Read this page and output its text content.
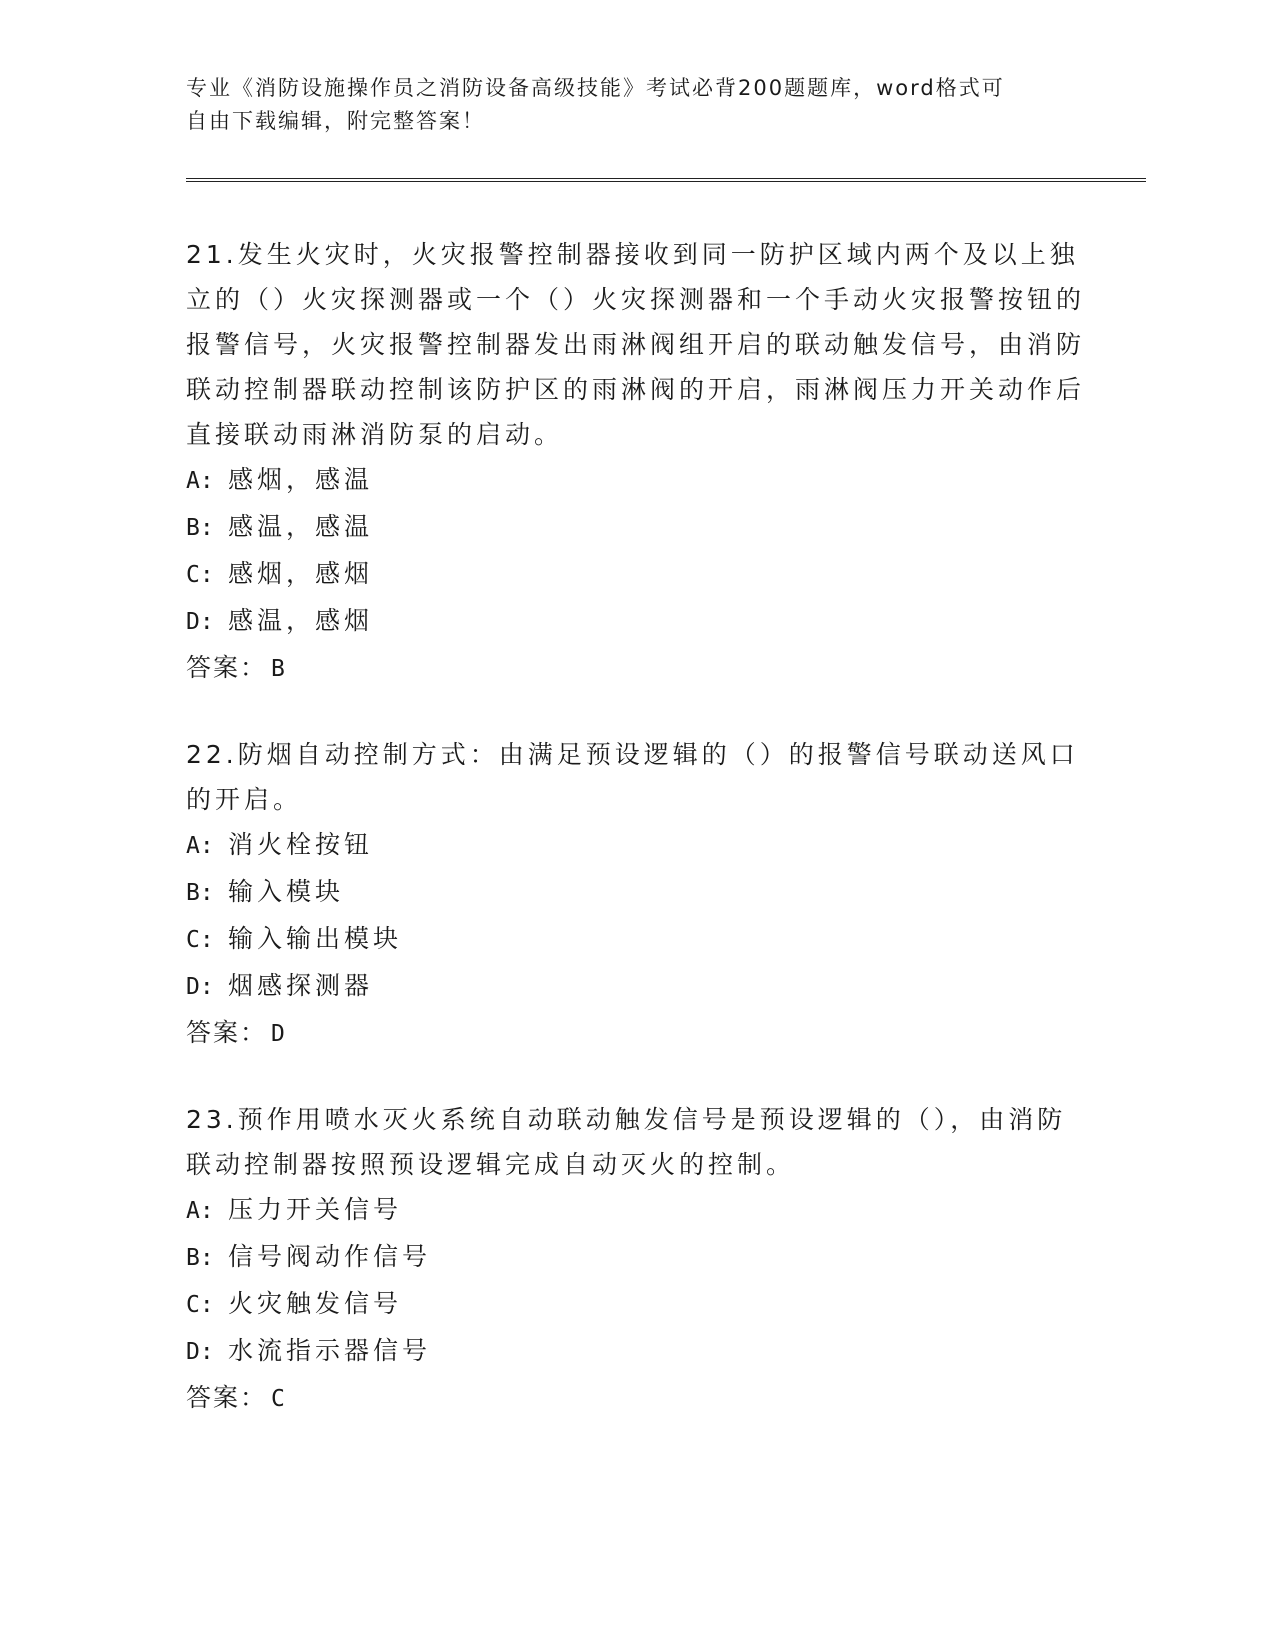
专业《消防设施操作员之消防设备高级技能》考试必背200题题库，word格式可
自由下载编辑，附完整答案！

21.发生火灾时，火灾报警控制器接收到同一防护区域内两个及以上独立的（）火灾探测器或一个（）火灾探测器和一个手动火灾报警按钮的报警信号，火灾报警控制器发出雨淋阀组开启的联动触发信号，由消防联动控制器联动控制该防护区的雨淋阀的开启，雨淋阀压力开关动作后直接联动雨淋消防泵的启动。

A: 感烟，感温

B: 感温，感温

C: 感烟，感烟

D: 感温，感烟

答案： B

22.防烟自动控制方式：由满足预设逻辑的（）的报警信号联动送风口的开启。

A: 消火栓按钮

B: 输入模块

C: 输入输出模块

D: 烟感探测器

答案： D

23.预作用喷水灭火系统自动联动触发信号是预设逻辑的（），由消防联动控制器按照预设逻辑完成自动灭火的控制。

A: 压力开关信号

B: 信号阀动作信号

C: 火灾触发信号

D: 水流指示器信号

答案： C
